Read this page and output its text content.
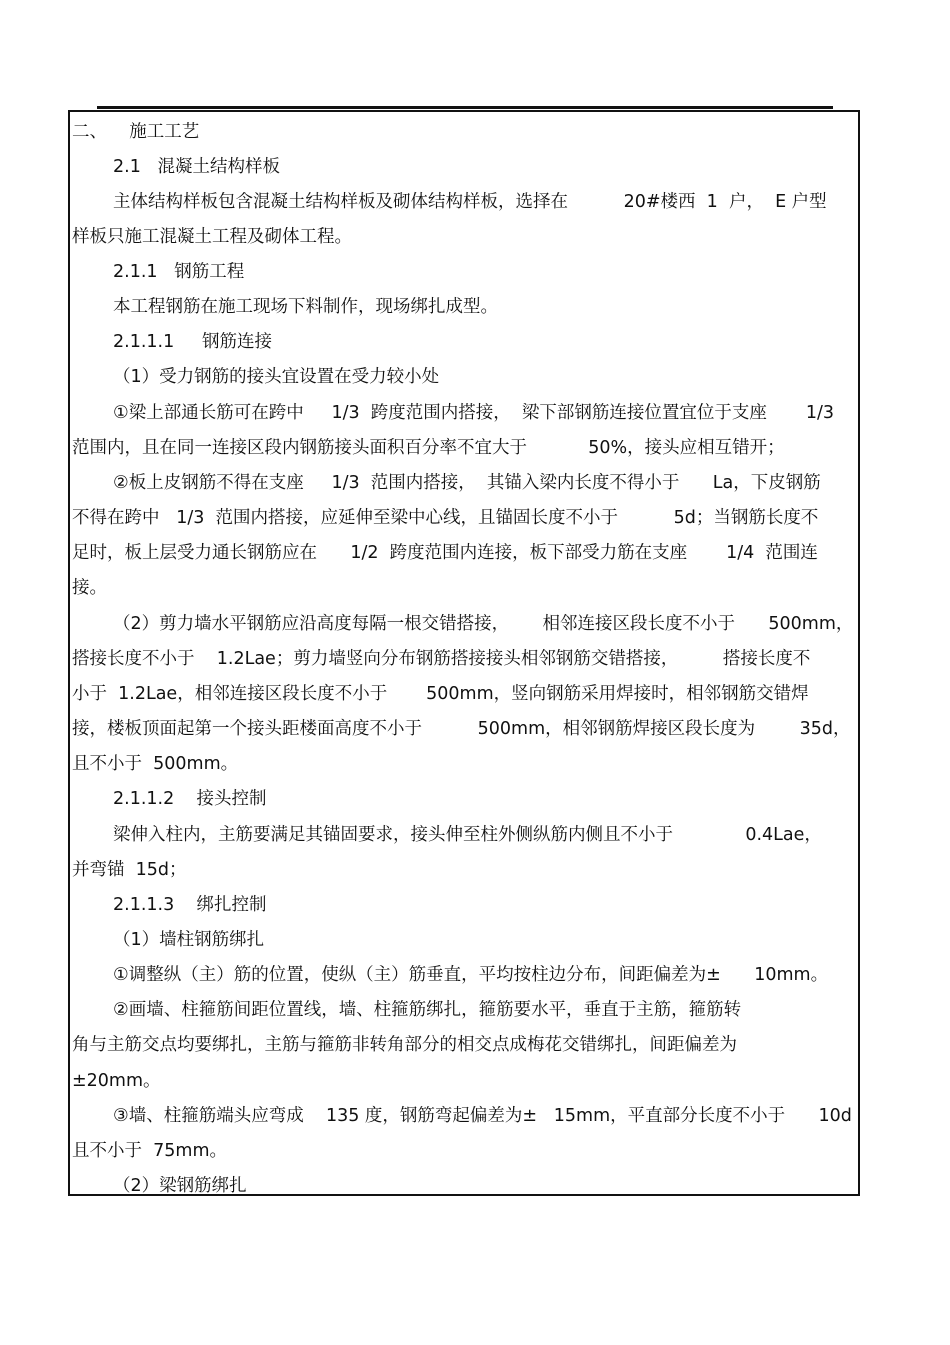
二、    施工工艺
2.1   混凝土结构样板
主体结构样板包含混凝土结构样板及砌体结构样板，选择在          20#楼西  1  户，  E 户型
样板只施工混凝土工程及砌体工程。
2.1.1   钢筋工程
本工程钢筋在施工现场下料制作，现场绑扎成型。
2.1.1.1     钢筋连接
（1）受力钢筋的接头宜设置在受力较小处
①梁上部通长筋可在跨中     1/3  跨度范围内搭接，  梁下部钢筋连接位置宜位于支座       1/3
范围内，且在同一连接区段内钢筋接头面积百分率不宜大于           50%，接头应相互错开；
②板上皮钢筋不得在支座     1/3  范围内搭接，  其锚入梁内长度不得小于      La，下皮钢筋
不得在跨中   1/3  范围内搭接，应延伸至梁中心线，且锚固长度不小于          5d；当钢筋长度不
足时，板上层受力通长钢筋应在      1/2  跨度范围内连接，板下部受力筋在支座       1/4  范围连
接。
（2）剪力墙水平钢筋应沿高度每隔一根交错搭接，      相邻连接区段长度不小于      500mm，
搭接长度不小于    1.2Lae；剪力墙竖向分布钢筋搭接接头相邻钢筋交错搭接，        搭接长度不
小于  1.2Lae，相邻连接区段长度不小于       500mm，竖向钢筋采用焊接时，相邻钢筋交错焊
接，楼板顶面起第一个接头距楼面高度不小于          500mm，相邻钢筋焊接区段长度为        35d，
且不小于  500mm。
2.1.1.2    接头控制
梁伸入柱内，主筋要满足其锚固要求，接头伸至柱外侧纵筋内侧且不小于             0.4Lae，
并弯锚  15d；
2.1.1.3    绑扎控制
（1）墙柱钢筋绑扎
①调整纵（主）筋的位置，使纵（主）筋垂直，平均按柱边分布，间距偏差为±      10mm。
②画墙、柱箍筋间距位置线，墙、柱箍筋绑扎，箍筋要水平，垂直于主筋，箍筋转
角与主筋交点均要绑扎，主筋与箍筋非转角部分的相交点成梅花交错绑扎，间距偏差为
±20mm。
③墙、柱箍筋端头应弯成    135 度，钢筋弯起偏差为±   15mm，平直部分长度不小于      10d
且不小于  75mm。
（2）梁钢筋绑扎
